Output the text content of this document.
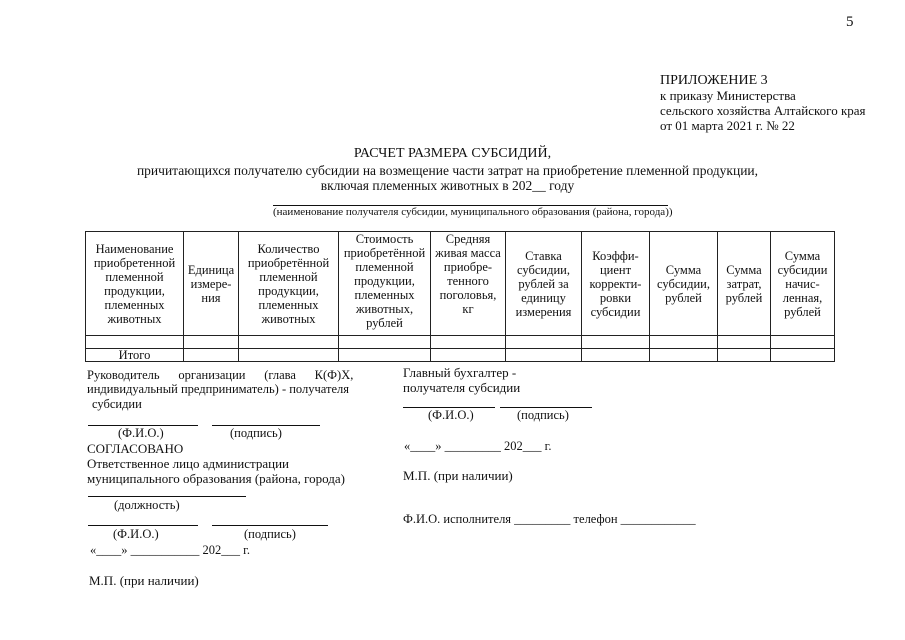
5
ПРИЛОЖЕНИЕ 3
к приказу Министерства
сельского хозяйства Алтайского края
от 01 марта 2021 г. № 22
РАСЧЕТ РАЗМЕРА СУБСИДИЙ,
причитающихся получателю субсидии на возмещение части затрат на приобретение племенной продукции,
включая племенных животных в 202__ году
(наименование получателя субсидии, муниципального образования (района, города))
Наименование приобретенной племенной продукции, племенных животных	Единица измере-ния	Количество приобретённой племенной продукции, племенных животных	Стоимость приобретённой племенной продукции, племенных животных, рублей	Средняя живая масса приобре-тенного поголовья, кг	Ставка субсидии, рублей за единицу измерения	Коэффи-циент корректи-ровки субсидии	Сумма субсидии, рублей	Сумма затрат, рублей	Сумма субсидии начис-ленная, рублей

Итого									
Руководитель      организации      (глава      К(Ф)Х,
индивидуальный предприниматель) - получателя
субсидии
(Ф.И.О.)	(подпись)
СОГЛАСОВАНО
Ответственное лицо администрации
муниципального образования (района, города)
(должность)
(Ф.И.О.)	(подпись)
«____» ___________ 202___ г.
М.П. (при наличии)
Главный бухгалтер -
получателя субсидии
(Ф.И.О.)	(подпись)
«____» _________ 202___ г.
М.П. (при наличии)
Ф.И.О. исполнителя _________ телефон ____________
